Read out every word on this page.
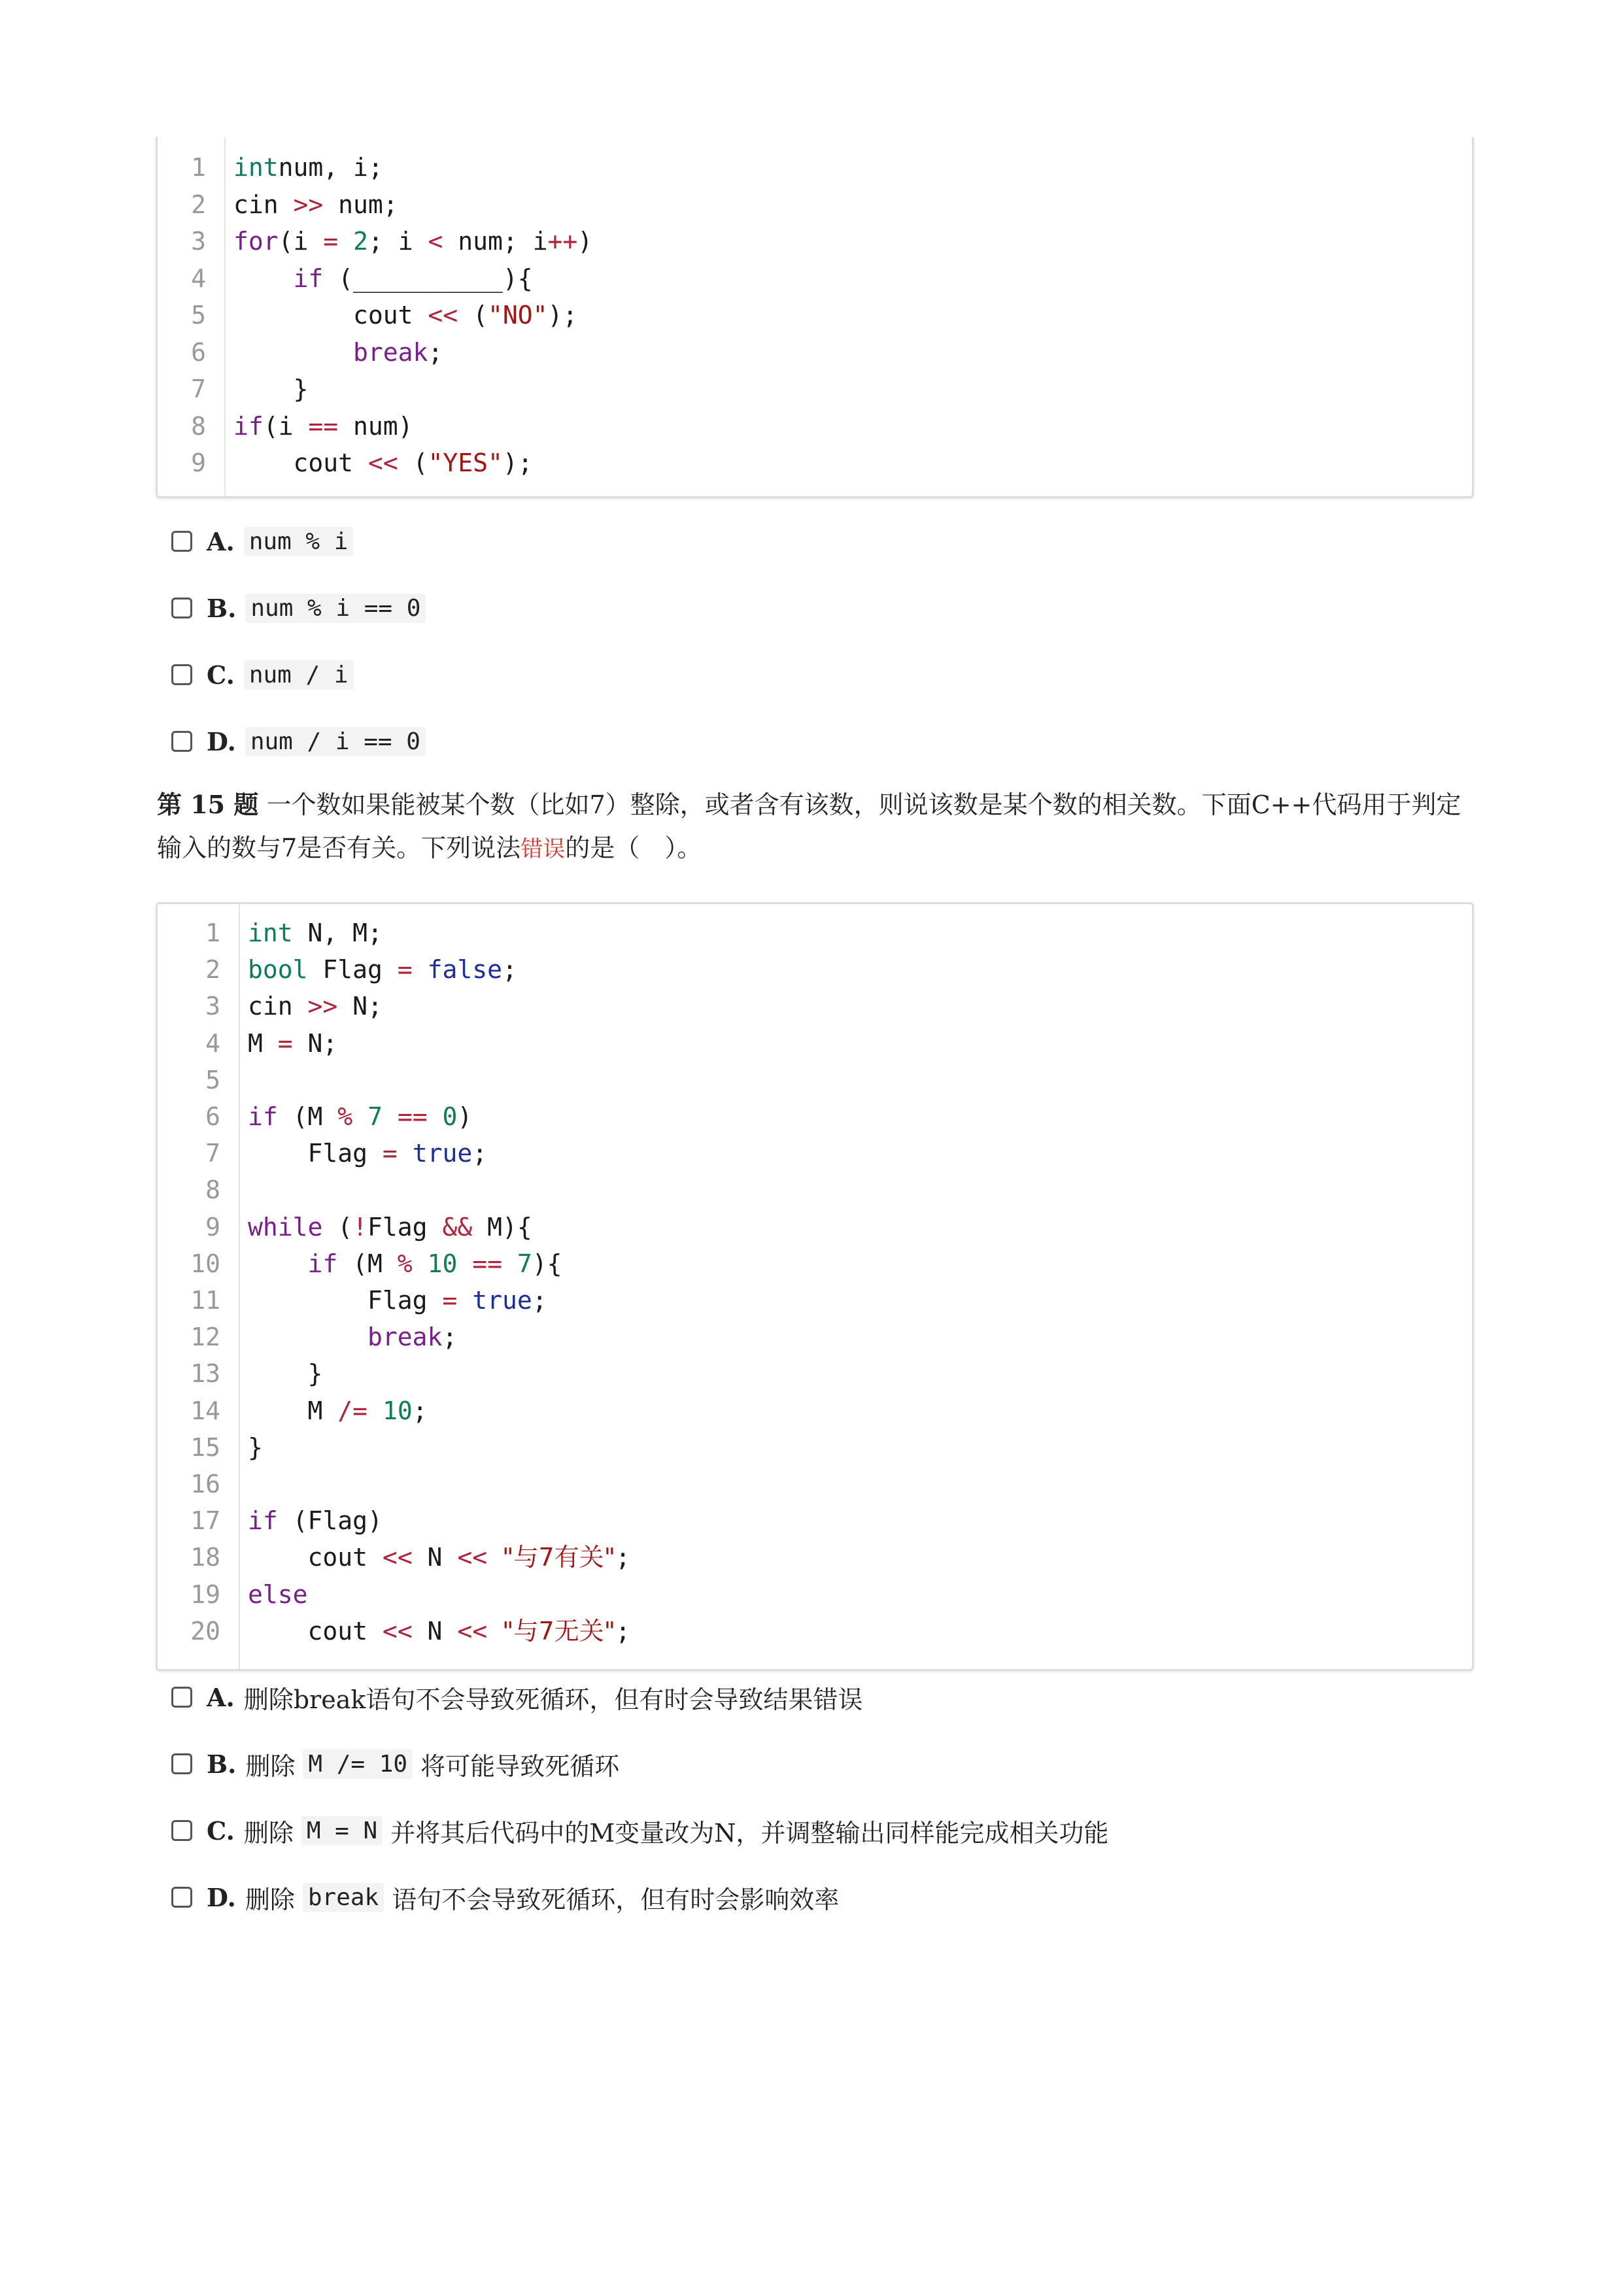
1
2
3
4
5
6
7
8
9
intnum, i;
cin >> num;
for(i = 2; i < num; i++)
if (__________){
cout << ("NO");
break;
}
if(i == num)
cout << ("YES");
A. num % i
B. num % i == 0
C. num / i
D. num / i == 0
第 15 题 一个数如果能被某个数（比如7）整除，或者含有该数，则说该数是某个数的相关数。下面C++代码用于判定输入的数与7是否有关。下列说法错误的是（　）。
1
2
3
4
5
6
7
8
9
10
11
12
13
14
15
16
17
18
19
20
int N, M;
bool Flag = false;
cin >> N;
M = N;
if (M % 7 == 0)
Flag = true;
while (!Flag && M){
if (M % 10 == 7){
Flag = true;
break;
}
M /= 10;
}
if (Flag)
cout << N << "与7有关";
else
cout << N << "与7无关";
A. 删除break语句不会导致死循环，但有时会导致结果错误
B. 删除 M /= 10 将可能导致死循环
C. 删除 M = N 并将其后代码中的M变量改为N，并调整输出同样能完成相关功能
D. 删除 break 语句不会导致死循环，但有时会影响效率
